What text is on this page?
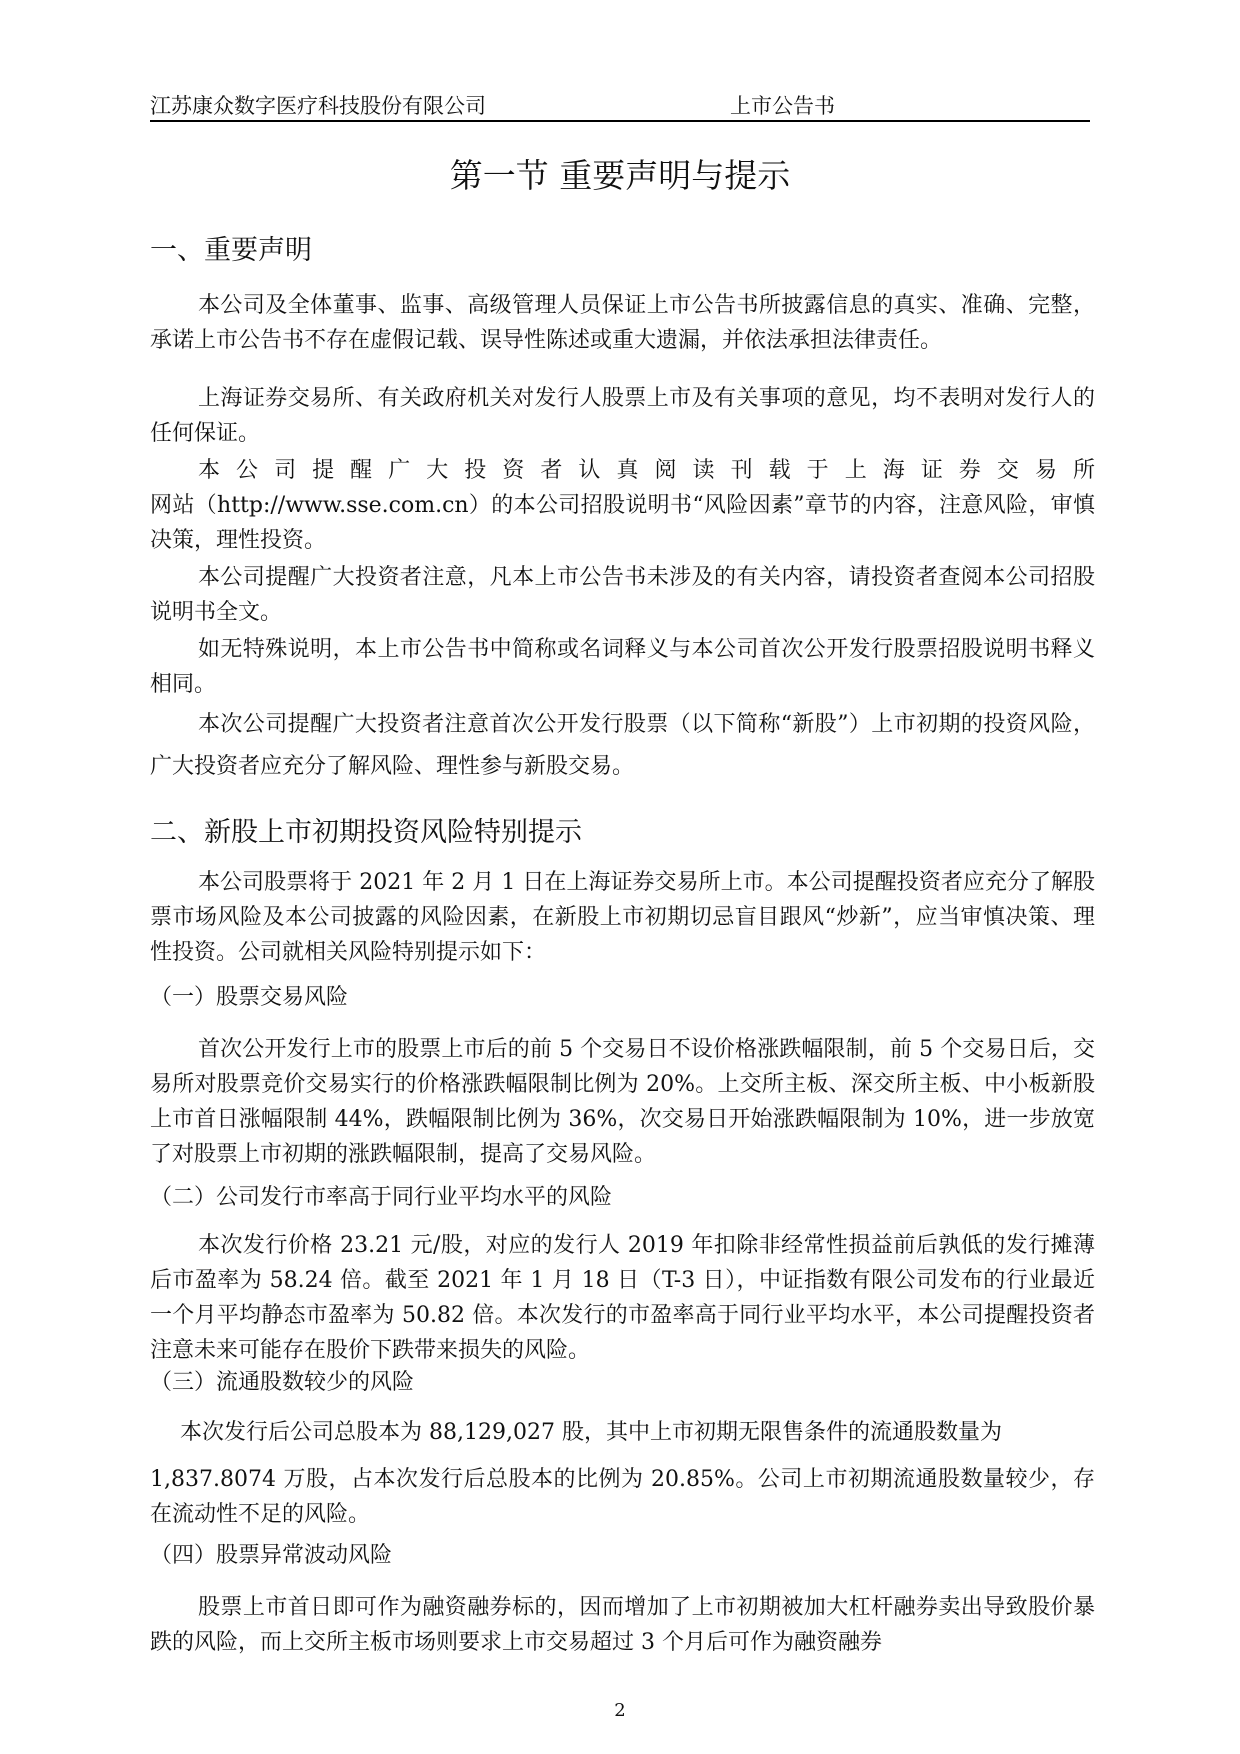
江苏康众数字医疗科技股份有限公司	上市公告书
第一节 重要声明与提示
一、重要声明

本公司及全体董事、监事、高级管理人员保证上市公告书所披露信息的真实、准确、完整，承诺上市公告书不存在虚假记载、误导性陈述或重大遗漏，并依法承担法律责任。

上海证券交易所、有关政府机关对发行人股票上市及有关事项的意见，均不表明对发行人的任何保证。

本公司提醒广大投资者认真阅读刊载于上海证券交易所

网站（http://www.sse.com.cn）的本公司招股说明书“风险因素”章节的内容，注意风险，审慎决策，理性投资。

本公司提醒广大投资者注意，凡本上市公告书未涉及的有关内容，请投资者查阅本公司招股说明书全文。

如无特殊说明，本上市公告书中简称或名词释义与本公司首次公开发行股票招股说明书释义相同。

本次公司提醒广大投资者注意首次公开发行股票（以下简称“新股”）上市初期的投资风险，广大投资者应充分了解风险、理性参与新股交易。

二、新股上市初期投资风险特别提示

本公司股票将于 2021 年 2 月 1 日在上海证券交易所上市。本公司提醒投资者应充分了解股票市场风险及本公司披露的风险因素，在新股上市初期切忌盲目跟风“炒新”，应当审慎决策、理性投资。公司就相关风险特别提示如下：

（一）股票交易风险

首次公开发行上市的股票上市后的前 5 个交易日不设价格涨跌幅限制，前 5 个交易日后，交易所对股票竞价交易实行的价格涨跌幅限制比例为 20%。上交所主板、深交所主板、中小板新股上市首日涨幅限制 44%，跌幅限制比例为 36%，次交易日开始涨跌幅限制为 10%，进一步放宽了对股票上市初期的涨跌幅限制，提高了交易风险。

（二）公司发行市率高于同行业平均水平的风险

本次发行价格 23.21 元/股，对应的发行人 2019 年扣除非经常性损益前后孰低的发行摊薄后市盈率为 58.24 倍。截至 2021 年 1 月 18 日（T-3 日），中证指数有限公司发布的行业最近一个月平均静态市盈率为 50.82 倍。本次发行的市盈率高于同行业平均水平，本公司提醒投资者注意未来可能存在股价下跌带来损失的风险。

（三）流通股数较少的风险

本次发行后公司总股本为 88,129,027 股，其中上市初期无限售条件的流通股数量为

1,837.8074 万股，占本次发行后总股本的比例为 20.85%。公司上市初期流通股数量较少，存在流动性不足的风险。

（四）股票异常波动风险

股票上市首日即可作为融资融券标的，因而增加了上市初期被加大杠杆融券卖出导致股价暴跌的风险，而上交所主板市场则要求上市交易超过 3 个月后可作为融资融券

2
